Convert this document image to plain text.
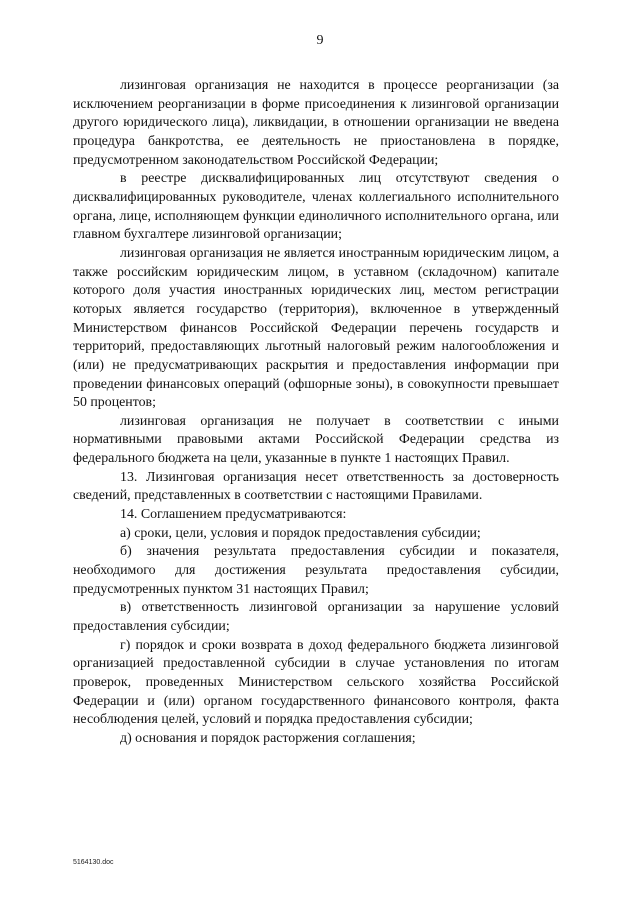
9

лизинговая организация не находится в процессе реорганизации (за исключением реорганизации в форме присоединения к лизинговой организации другого юридического лица), ликвидации, в отношении организации не введена процедура банкротства, ее деятельность не приостановлена в порядке, предусмотренном законодательством Российской Федерации;

в реестре дисквалифицированных лиц отсутствуют сведения о дисквалифицированных руководителе, членах коллегиального исполнительного органа, лице, исполняющем функции единоличного исполнительного органа, или главном бухгалтере лизинговой организации;

лизинговая организация не является иностранным юридическим лицом, а также российским юридическим лицом, в уставном (складочном) капитале которого доля участия иностранных юридических лиц, местом регистрации которых является государство (территория), включенное в утвержденный Министерством финансов Российской Федерации перечень государств и территорий, предоставляющих льготный налоговый режим налогообложения и (или) не предусматривающих раскрытия и предоставления информации при проведении финансовых операций (офшорные зоны), в совокупности превышает 50 процентов;

лизинговая организация не получает в соответствии с иными нормативными правовыми актами Российской Федерации средства из федерального бюджета на цели, указанные в пункте 1 настоящих Правил.

13. Лизинговая организация несет ответственность за достоверность сведений, представленных в соответствии с настоящими Правилами.

14. Соглашением предусматриваются:

а) сроки, цели, условия и порядок предоставления субсидии;

б) значения результата предоставления субсидии и показателя, необходимого для достижения результата предоставления субсидии, предусмотренных пунктом 31 настоящих Правил;

в) ответственность лизинговой организации за нарушение условий предоставления субсидии;

г) порядок и сроки возврата в доход федерального бюджета лизинговой организацией предоставленной субсидии в случае установления по итогам проверок, проведенных Министерством сельского хозяйства Российской Федерации и (или) органом государственного финансового контроля, факта несоблюдения целей, условий и порядка предоставления субсидии;

д) основания и порядок расторжения соглашения;

5164130.doc
